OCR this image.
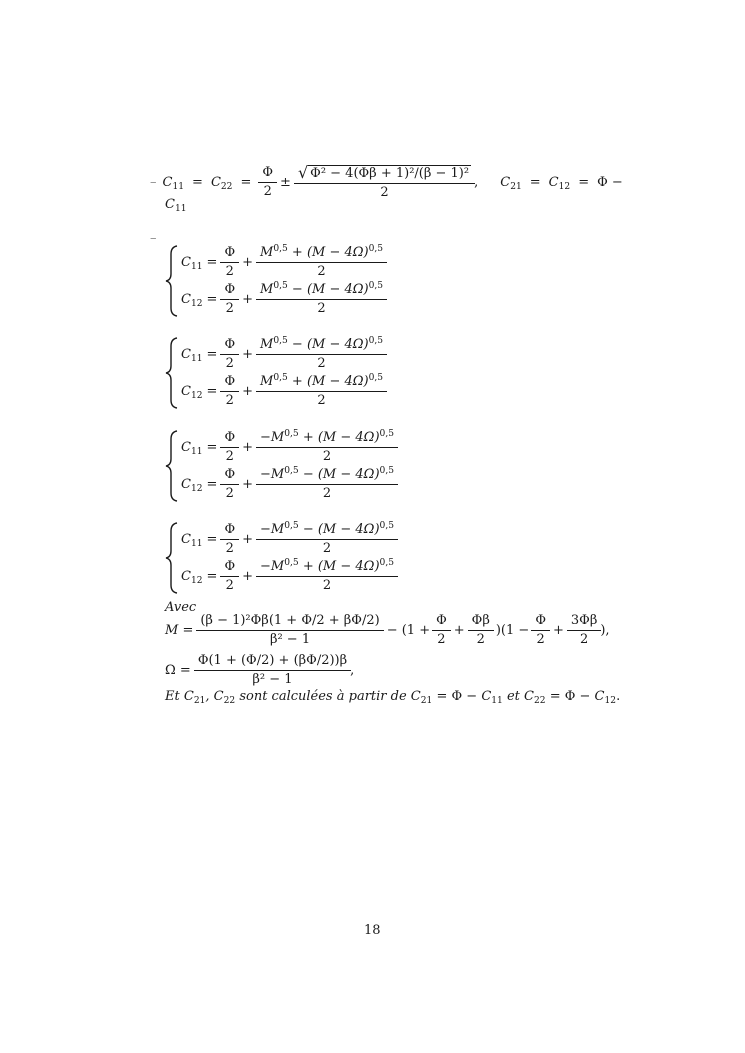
– $C_{11} = C_{22} = \frac{\Phi}{2} \pm \frac{\text{√ Φ² − 4(Φβ + 1)²/(β − 1)²}}{2}$ , $C_{21} = C_{12} = \Phi$ −
$C_{11}$
–
$C_{11} = \frac{\Phi}{2} + \frac{M^{0,5} + (M - 4\Omega)^{0,5}}{2}$
$C_{12} = \frac{\Phi}{2} + \frac{M^{0,5} - (M - 4\Omega)^{0,5}}{2}$
$C_{11} = \frac{\Phi}{2} + \frac{M^{0,5} - (M - 4\Omega)^{0,5}}{2}$
$C_{12} = \frac{\Phi}{2} + \frac{M^{0,5} + (M - 4\Omega)^{0,5}}{2}$
$C_{11} = \frac{\Phi}{2} + \frac{-M^{0,5} + (M - 4\Omega)^{0,5}}{2}$
$C_{12} = \frac{\Phi}{2} + \frac{-M^{0,5} - (M - 4\Omega)^{0,5}}{2}$
$C_{11} = \frac{\Phi}{2} + \frac{-M^{0,5} - (M - 4\Omega)^{0,5}}{2}$
$C_{12} = \frac{\Phi}{2} + \frac{-M^{0,5} + (M - 4\Omega)^{0,5}}{2}$
Avec
$M = \frac{\text{(β − 1)²Φβ(1 + Φ/2 + βΦ/2)}}{\text{β² − 1}} - (1 + \frac{\Phi}{2} + \frac{\Phi\beta}{2} )(1 - \frac{\Phi}{2} + \frac{3\Phi\beta}{2}$ ),
$\Omega = \frac{\Phi(1 + (\Phi/2) + (\beta\Phi/2))\beta}{\text{β² − 1}}$ ,
Et $C_{21}$, $C_{22}$ sont calculées à partir de $C_{21} = \Phi - C_{11}$ et $C_{22} = \Phi - C_{12}$.
18
